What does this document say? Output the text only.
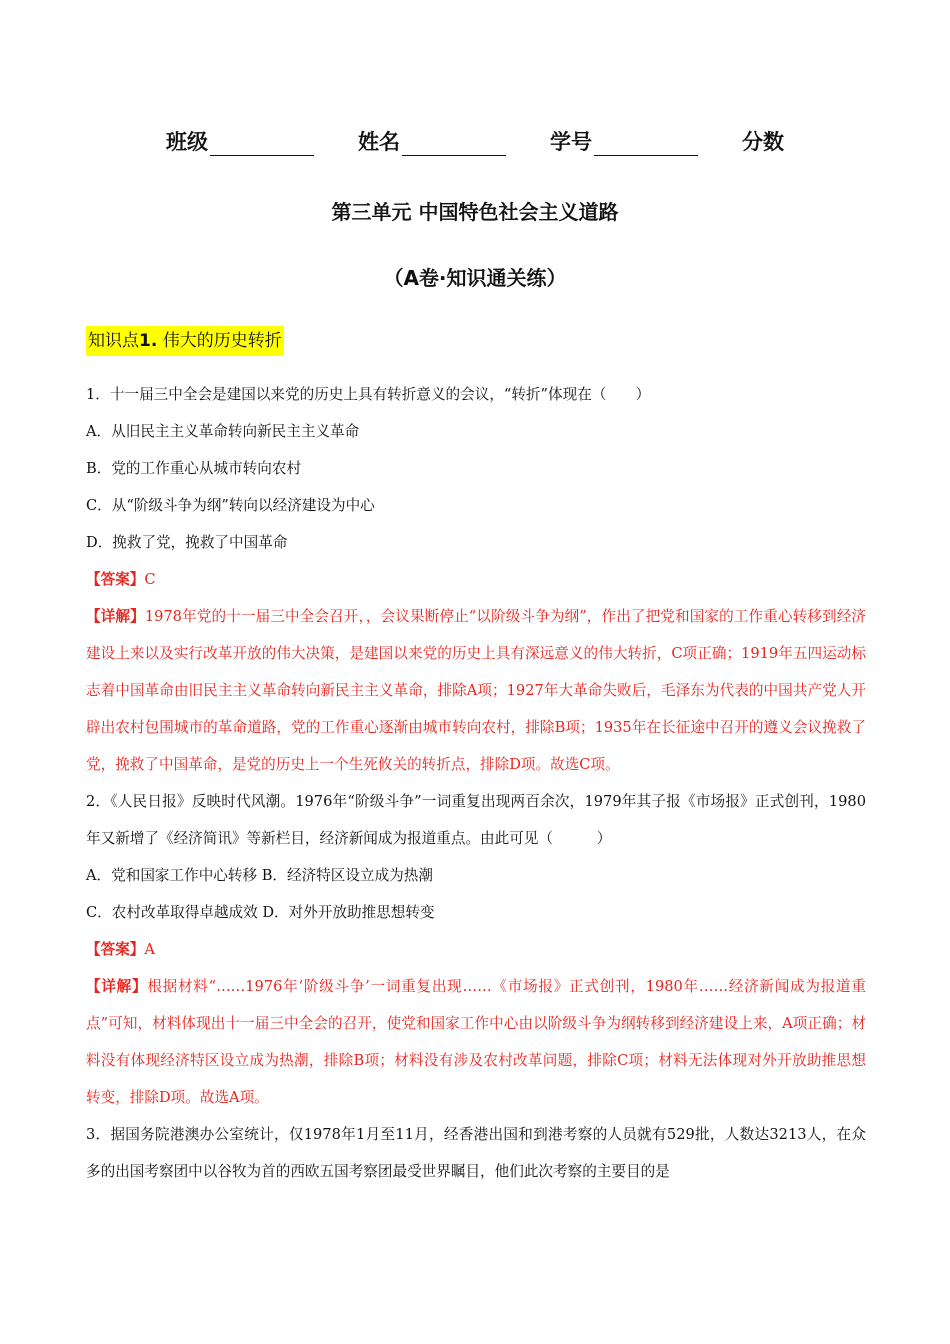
班级	姓名	学号	分数
第三单元 中国特色社会主义道路
（A卷·知识通关练）
知识点1. 伟大的历史转折
1．十一届三中全会是建国以来党的历史上具有转折意义的会议，“转折”体现在（　　）
A．从旧民主主义革命转向新民主主义革命
B．党的工作重心从城市转向农村
C．从“阶级斗争为纲”转向以经济建设为中心
D．挽救了党，挽救了中国革命
【答案】C
【详解】1978年党的十一届三中全会召开，，会议果断停止“以阶级斗争为纲”，作出了把党和国家的工作重心转移到经济建设上来以及实行改革开放的伟大决策，是建国以来党的历史上具有深远意义的伟大转折，C项正确；1919年五四运动标志着中国革命由旧民主主义革命转向新民主主义革命，排除A项；1927年大革命失败后，毛泽东为代表的中国共产党人开辟出农村包围城市的革命道路，党的工作重心逐渐由城市转向农村，排除B项；1935年在长征途中召开的遵义会议挽救了党，挽救了中国革命，是党的历史上一个生死攸关的转折点，排除D项。故选C项。
2．《人民日报》反映时代风潮。1976年“阶级斗争”一词重复出现两百余次，1979年其子报《市场报》正式创刊，1980年又新增了《经济简讯》等新栏目，经济新闻成为报道重点。由此可见（　　　）
A．党和国家工作中心转移 B．经济特区设立成为热潮
C．农村改革取得卓越成效 D．对外开放助推思想转变
【答案】A
【详解】根据材料“……1976年‘阶级斗争’一词重复出现……《市场报》正式创刊，1980年……经济新闻成为报道重点”可知，材料体现出十一届三中全会的召开，使党和国家工作中心由以阶级斗争为纲转移到经济建设上来，A项正确；材料没有体现经济特区设立成为热潮，排除B项；材料没有涉及农村改革问题，排除C项；材料无法体现对外开放助推思想转变，排除D项。故选A项。
3．据国务院港澳办公室统计，仅1978年1月至11月，经香港出国和到港考察的人员就有529批，人数达3213人，在众多的出国考察团中以谷牧为首的西欧五国考察团最受世界瞩目，他们此次考察的主要目的是
